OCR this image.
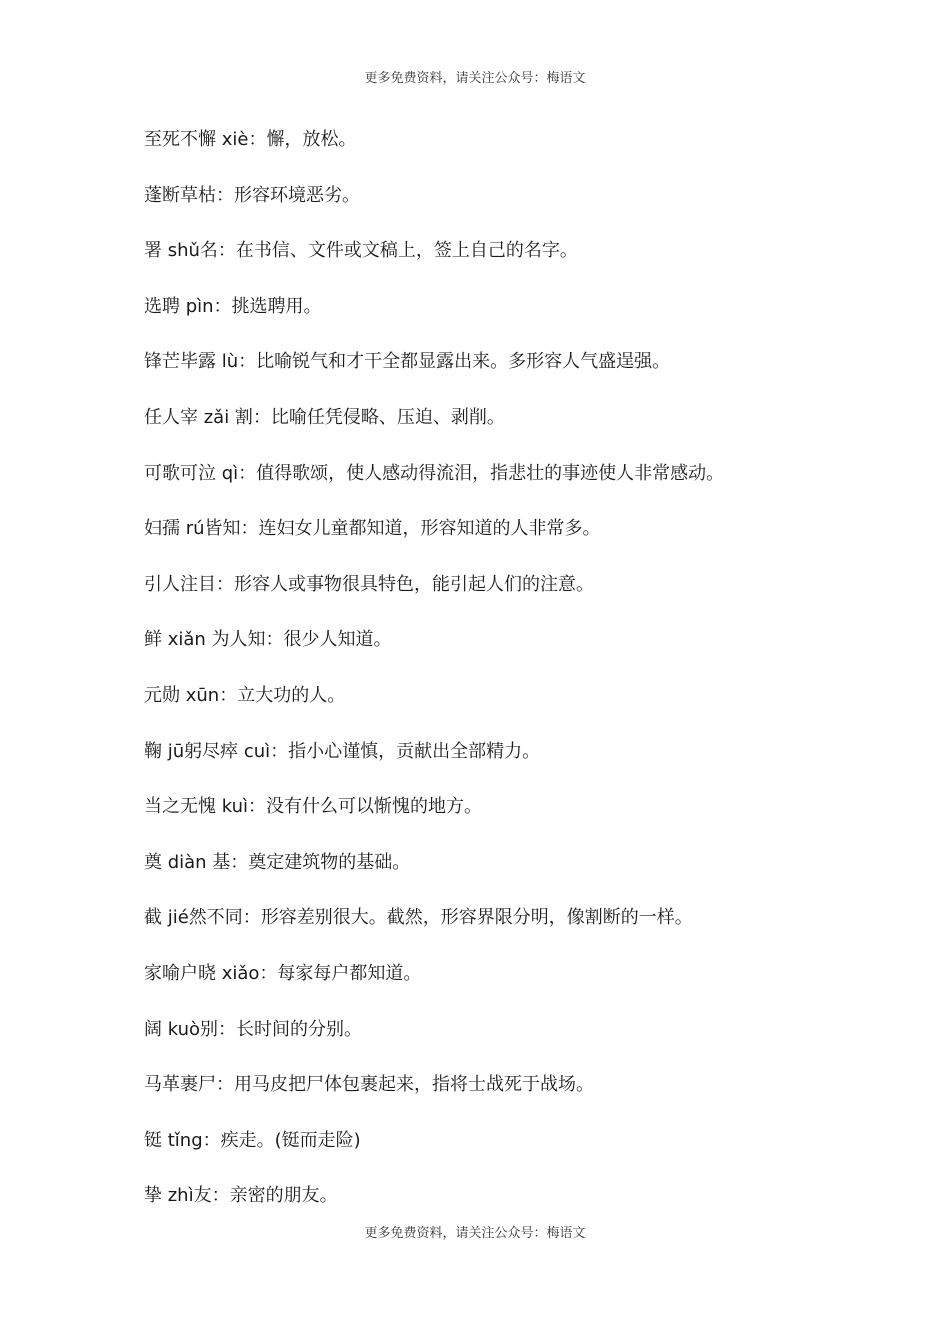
更多免费资料，请关注公众号：梅语文
至死不懈 xiè：懈，放松。
蓬断草枯：形容环境恶劣。
署 shǔ名：在书信、文件或文稿上，签上自己的名字。
选聘 pìn：挑选聘用。
锋芒毕露 lù：比喻锐气和才干全都显露出来。多形容人气盛逞强。
任人宰 zǎi 割：比喻任凭侵略、压迫、剥削。
可歌可泣 qì：值得歌颂，使人感动得流泪，指悲壮的事迹使人非常感动。
妇孺 rú皆知：连妇女儿童都知道，形容知道的人非常多。
引人注目：形容人或事物很具特色，能引起人们的注意。
鲜 xiǎn 为人知：很少人知道。
元勋 xūn：立大功的人。
鞠 jū躬尽瘁 cuì：指小心谨慎，贡献出全部精力。
当之无愧 kuì：没有什么可以惭愧的地方。
奠 diàn 基：奠定建筑物的基础。
截 jié然不同：形容差别很大。截然，形容界限分明，像割断的一样。
家喻户晓 xiǎo：每家每户都知道。
阔 kuò别：长时间的分别。
马革裹尸：用马皮把尸体包裹起来，指将士战死于战场。
铤 tǐng：疾走。(铤而走险)
挚 zhì友：亲密的朋友。
更多免费资料，请关注公众号：梅语文
